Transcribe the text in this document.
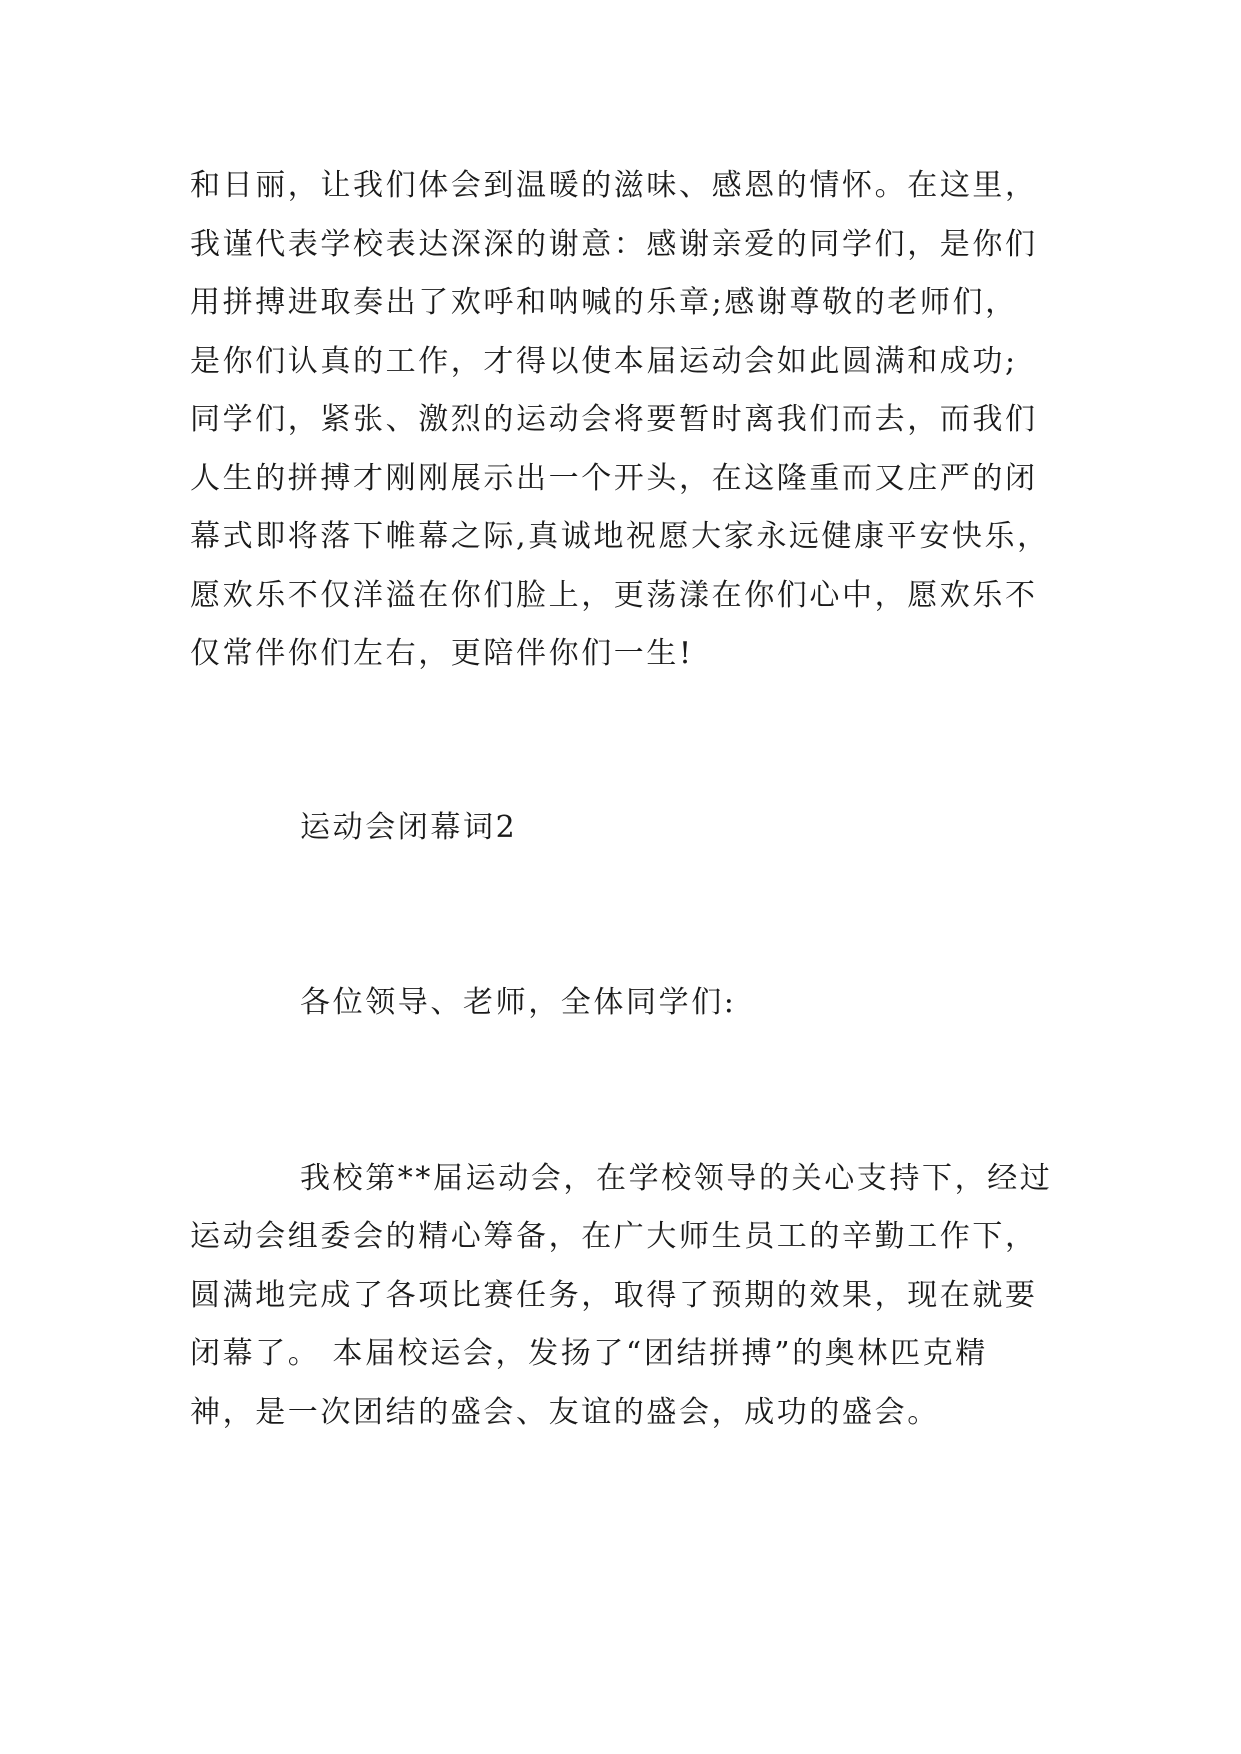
和日丽，让我们体会到温暖的滋味、感恩的情怀。在这里，
我谨代表学校表达深深的谢意：感谢亲爱的同学们，是你们
用拼搏进取奏出了欢呼和呐喊的乐章;感谢尊敬的老师们，
是你们认真的工作，才得以使本届运动会如此圆满和成功;
同学们，紧张、激烈的运动会将要暂时离我们而去，而我们
人生的拼搏才刚刚展示出一个开头，在这隆重而又庄严的闭
幕式即将落下帷幕之际,真诚地祝愿大家永远健康平安快乐，
愿欢乐不仅洋溢在你们脸上，更荡漾在你们心中，愿欢乐不
仅常伴你们左右，更陪伴你们一生!
运动会闭幕词2
各位领导、老师，全体同学们:
我校第**届运动会，在学校领导的关心支持下，经过
运动会组委会的精心筹备，在广大师生员工的辛勤工作下，
圆满地完成了各项比赛任务，取得了预期的效果，现在就要
闭幕了。 本届校运会，发扬了“团结拼搏”的奥林匹克精
神，是一次团结的盛会、友谊的盛会，成功的盛会。
